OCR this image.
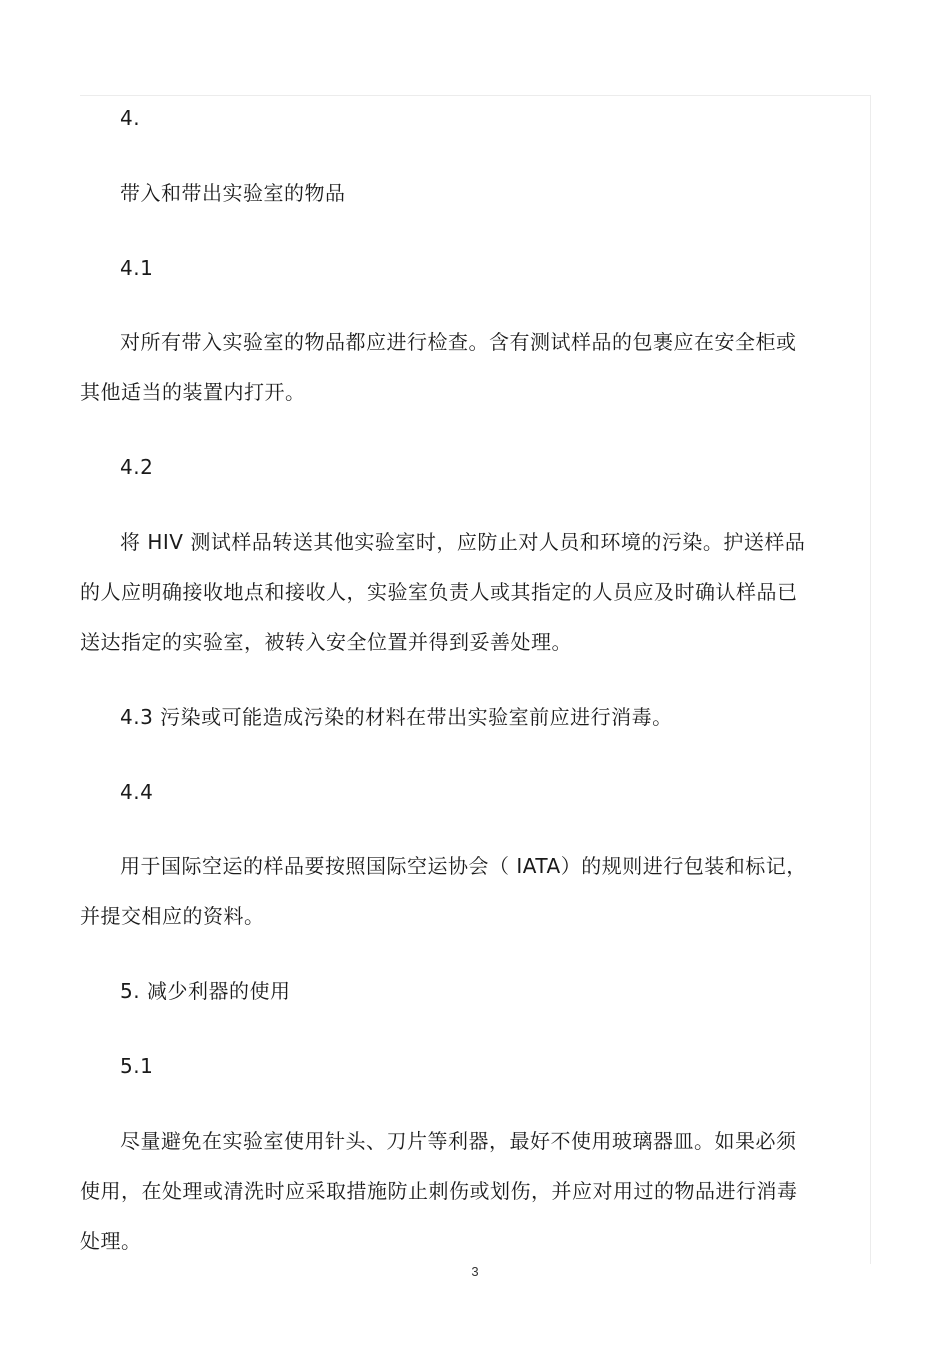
4.
带入和带出实验室的物品
4.1
对所有带入实验室的物品都应进行检查。含有测试样品的包裹应在安全柜或
其他适当的装置内打开。
4.2
将 HIV 测试样品转送其他实验室时，应防止对人员和环境的污染。护送样品
的人应明确接收地点和接收人，实验室负责人或其指定的人员应及时确认样品已
送达指定的实验室，被转入安全位置并得到妥善处理。
4.3 污染或可能造成污染的材料在带出实验室前应进行消毒。
4.4
用于国际空运的样品要按照国际空运协会（ IATA）的规则进行包装和标记，
并提交相应的资料。
5. 减少利器的使用
5.1
尽量避免在实验室使用针头、刀片等利器，最好不使用玻璃器皿。如果必须
使用，在处理或清洗时应采取措施防止刺伤或划伤，并应对用过的物品进行消毒
处理。
3
